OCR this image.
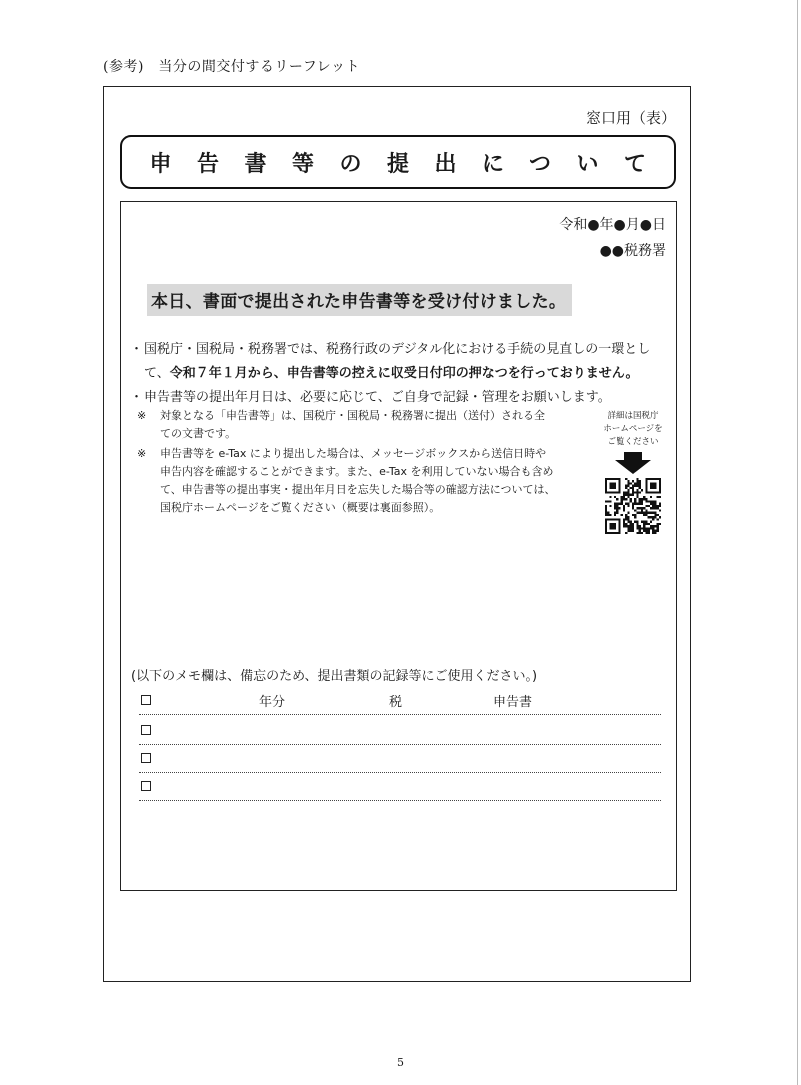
(参考)　当分の間交付するリーフレット
窓口用（表）
申告書等の提出について
令和●年●月●日
●●税務署
本日、書面で提出された申告書等を受け付けました。
・ 国税庁・国税局・税務署では、税務行政のデジタル化における手続の見直しの一環とし
て、令和７年１月から、申告書等の控えに収受日付印の押なつを行っておりません。
・ 申告書等の提出年月日は、必要に応じて、ご自身で記録・管理をお願いします。
※	対象となる「申告書等」は、国税庁・国税局・税務署に提出（送付）される全
ての文書です。
※	申告書等を e-Tax により提出した場合は、メッセージボックスから送信日時や
申告内容を確認することができます。また、e-Tax を利用していない場合も含め
て、申告書等の提出事実・提出年月日を忘失した場合等の確認方法については、
国税庁ホームページをご覧ください（概要は裏面参照）。
詳細は国税庁
ホームページを
ご覧ください
(以下のメモ欄は、備忘のため、提出書類の記録等にご使用ください。)
年分	税	申告書
5
